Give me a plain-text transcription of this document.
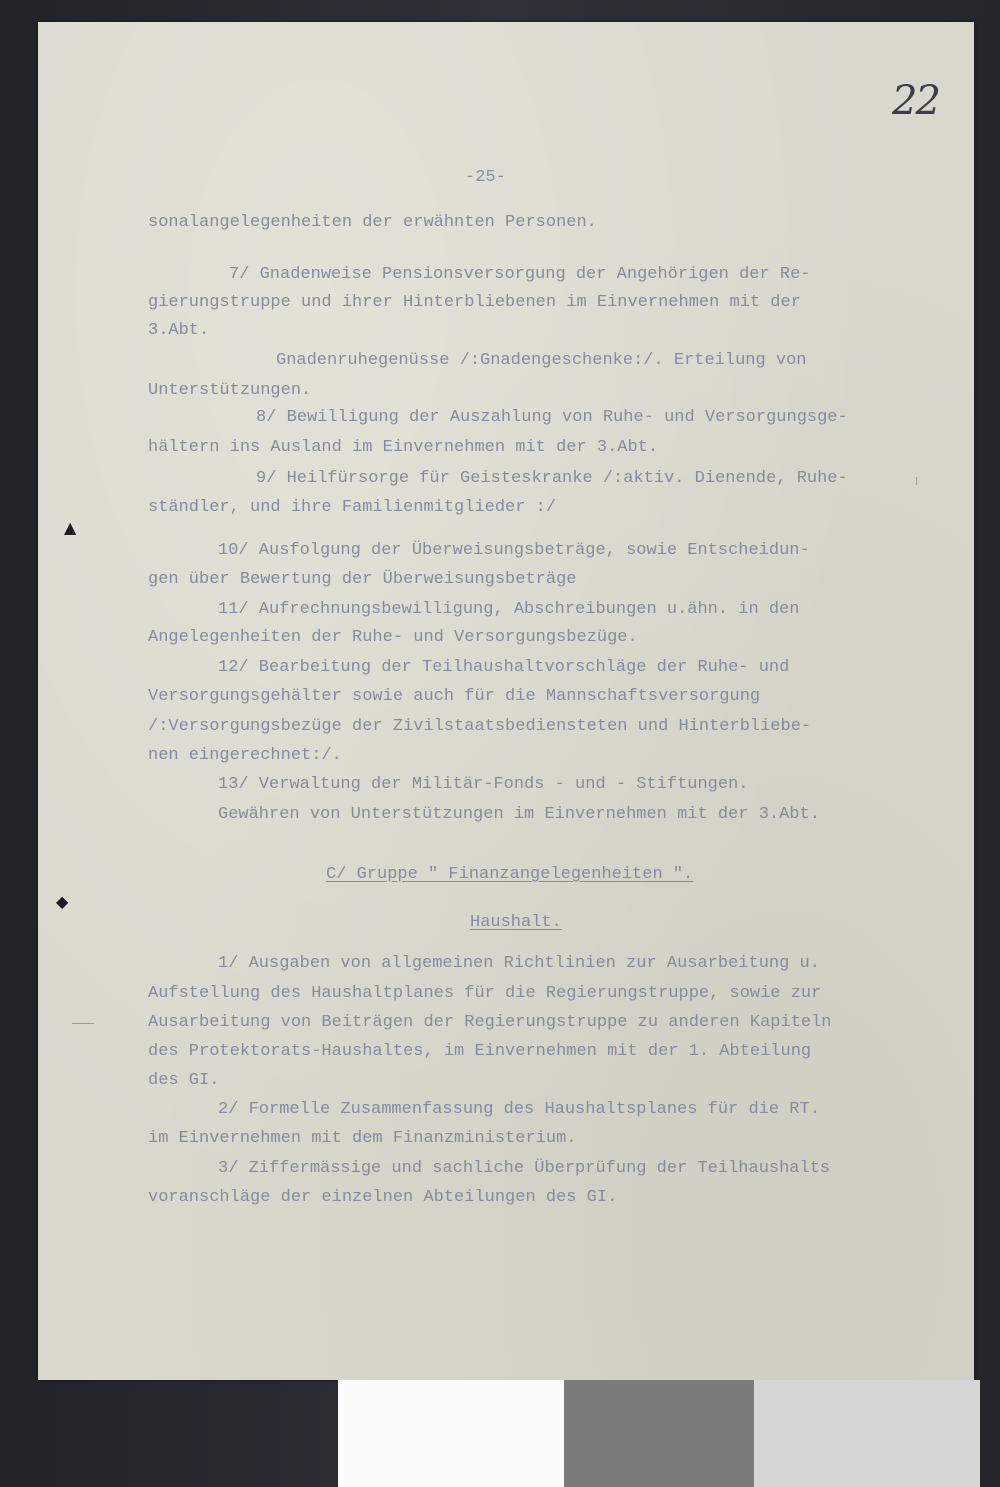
22
-25-
sonalangelegenheiten der erwähnten Personen.
7/ Gnadenweise Pensionsversorgung der Angehörigen der Re-
gierungstruppe und ihrer Hinterbliebenen im Einvernehmen mit der
3.Abt.
Gnadenruhegenüsse /:Gnadengeschenke:/. Erteilung von
Unterstützungen.
8/ Bewilligung der Auszahlung von Ruhe- und Versorgungsge-
hältern ins Ausland im Einvernehmen mit der 3.Abt.
9/ Heilfürsorge für Geisteskranke /:aktiv. Dienende, Ruhe-
ständler, und ihre Familienmitglieder :/
10/ Ausfolgung der Überweisungsbeträge, sowie Entscheidun-
gen über Bewertung der Überweisungsbeträge
11/ Aufrechnungsbewilligung, Abschreibungen u.ähn. in den
Angelegenheiten der Ruhe- und Versorgungsbezüge.
12/ Bearbeitung der Teilhaushaltvorschläge der Ruhe- und
Versorgungsgehälter sowie auch für die Mannschaftsversorgung
/:Versorgungsbezüge der Zivilstaatsbediensteten und Hinterbliebe-
nen eingerechnet:/.
13/ Verwaltung der Militär-Fonds - und - Stiftungen.
Gewähren von Unterstützungen im Einvernehmen mit der 3.Abt.
C/ Gruppe " Finanzangelegenheiten ".
Haushalt.
1/ Ausgaben von allgemeinen Richtlinien zur Ausarbeitung u.
Aufstellung des Haushaltplanes für die Regierungstruppe, sowie zur
Ausarbeitung von Beiträgen der Regierungstruppe zu anderen Kapiteln
des Protektorats-Haushaltes, im Einvernehmen mit der 1. Abteilung
des GI.
2/ Formelle Zusammenfassung des Haushaltsplanes für die RT.
im Einvernehmen mit dem Finanzministerium.
3/ Ziffermässige und sachliche Überprüfung der Teilhaushalts
voranschläge der einzelnen Abteilungen des GI.
▲
◆
